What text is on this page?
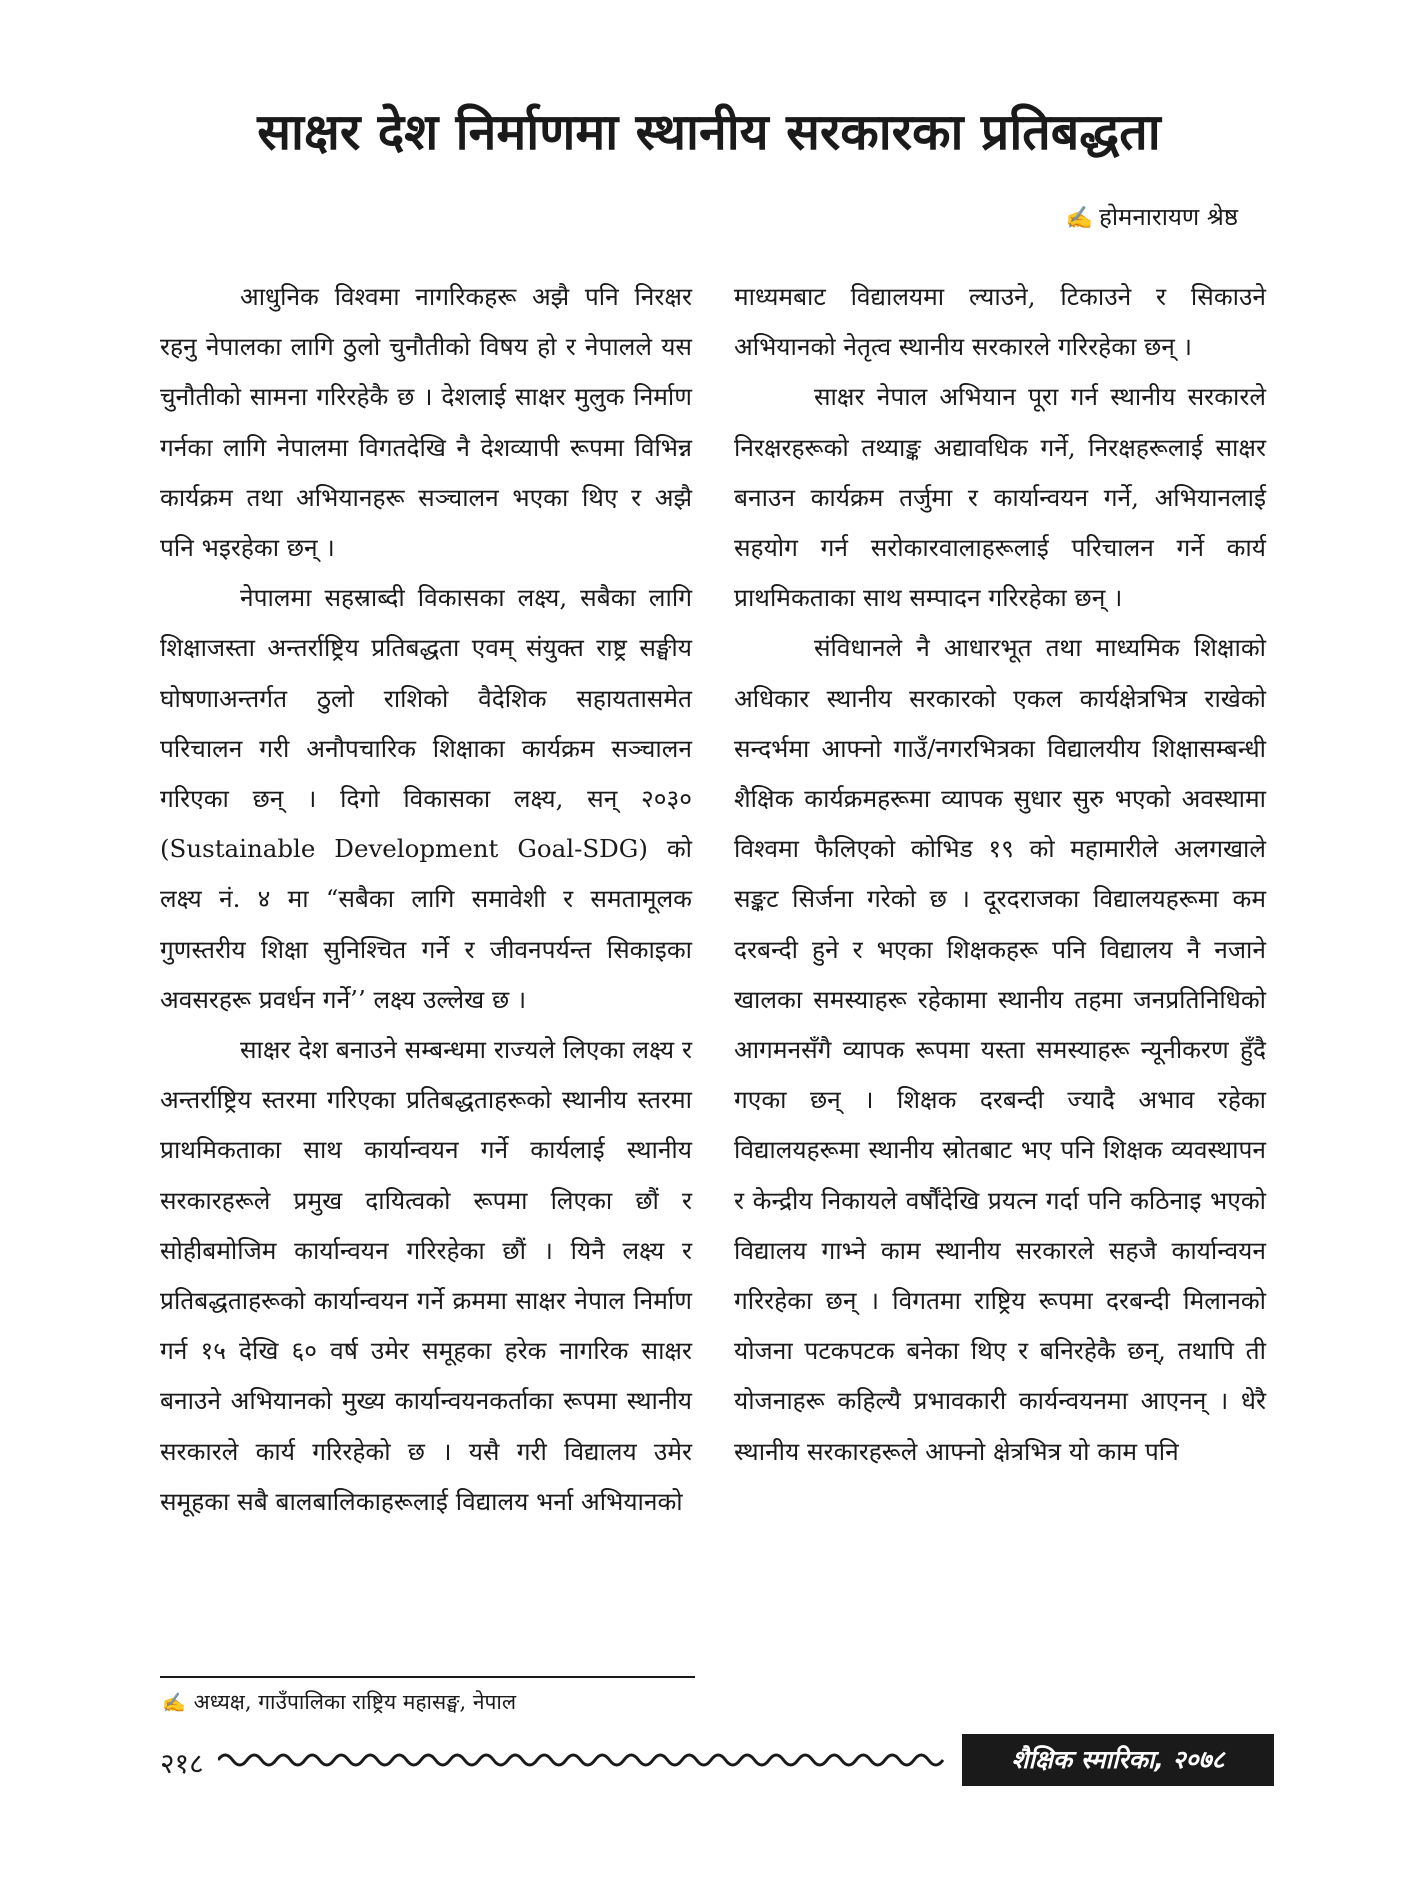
साक्षर देश निर्माणमा स्थानीय सरकारका प्रतिबद्धता
✍ होमनारायण श्रेष्ठ

आधुनिक विश्वमा नागरिकहरू अझै पनि निरक्षर रहनु नेपालका लागि ठुलो चुनौतीको विषय हो र नेपालले यस चुनौतीको सामना गरिरहेकै छ । देशलाई साक्षर मुलुक निर्माण गर्नका लागि नेपालमा विगतदेखि नै देशव्यापी रूपमा विभिन्न कार्यक्रम तथा अभियानहरू सञ्चालन भएका थिए र अझै पनि भइरहेका छन् ।

नेपालमा सहस्राब्दी विकासका लक्ष्य, सबैका लागि शिक्षाजस्ता अन्तर्राष्ट्रिय प्रतिबद्धता एवम् संयुक्त राष्ट्र सङ्घीय घोषणाअन्तर्गत ठुलो राशिको वैदेशिक सहायतासमेत परिचालन गरी अनौपचारिक शिक्षाका कार्यक्रम सञ्चालन गरिएका छन् । दिगो विकासका लक्ष्य, सन् २०३० (Sustainable Development Goal-SDG) को लक्ष्य नं. ४ मा “सबैका लागि समावेशी र समतामूलक गुणस्तरीय शिक्षा सुनिश्चित गर्ने र जीवनपर्यन्त सिकाइका अवसरहरू प्रवर्धन गर्ने’’ लक्ष्य उल्लेख छ ।

साक्षर देश बनाउने सम्बन्धमा राज्यले लिएका लक्ष्य र अन्तर्राष्ट्रिय स्तरमा गरिएका प्रतिबद्धताहरूको स्थानीय स्तरमा प्राथमिकताका साथ कार्यान्वयन गर्ने कार्यलाई स्थानीय सरकारहरूले प्रमुख दायित्वको रूपमा लिएका छौं र सोहीबमोजिम कार्यान्वयन गरिरहेका छौं । यिनै लक्ष्य र प्रतिबद्धताहरूको कार्यान्वयन गर्ने क्रममा साक्षर नेपाल निर्माण गर्न १५ देखि ६० वर्ष उमेर समूहका हरेक नागरिक साक्षर बनाउने अभियानको मुख्य कार्यान्वयनकर्ताका रूपमा स्थानीय सरकारले कार्य गरिरहेको छ । यसै गरी विद्यालय उमेर समूहका सबै बालबालिकाहरूलाई विद्यालय भर्ना अभियानको

माध्यमबाट विद्यालयमा ल्याउने, टिकाउने र सिकाउने अभियानको नेतृत्व स्थानीय सरकारले गरिरहेका छन् ।

साक्षर नेपाल अभियान पूरा गर्न स्थानीय सरकारले निरक्षरहरूको तथ्याङ्क अद्यावधिक गर्ने, निरक्षहरूलाई साक्षर बनाउन कार्यक्रम तर्जुमा र कार्यान्वयन गर्ने, अभियानलाई सहयोग गर्न सरोकारवालाहरूलाई परिचालन गर्ने कार्य प्राथमिकताका साथ सम्पादन गरिरहेका छन् ।

संविधानले नै आधारभूत तथा माध्यमिक शिक्षाको अधिकार स्थानीय सरकारको एकल कार्यक्षेत्रभित्र राखेको सन्दर्भमा आफ्नो गाउँ/नगरभित्रका विद्यालयीय शिक्षासम्बन्धी शैक्षिक कार्यक्रमहरूमा व्यापक सुधार सुरु भएको अवस्थामा विश्वमा फैलिएको कोभिड १९ को महामारीले अलगखाले सङ्कट सिर्जना गरेको छ । दूरदराजका विद्यालयहरूमा कम दरबन्दी हुने र भएका शिक्षकहरू पनि विद्यालय नै नजाने खालका समस्याहरू रहेकामा स्थानीय तहमा जनप्रतिनिधिको आगमनसँगै व्यापक रूपमा यस्ता समस्याहरू न्यूनीकरण हुँदै गएका छन् । शिक्षक दरबन्दी ज्यादै अभाव रहेका विद्यालयहरूमा स्थानीय स्रोतबाट भए पनि शिक्षक व्यवस्थापन र केन्द्रीय निकायले वर्षौंदेखि प्रयत्न गर्दा पनि कठिनाइ भएको विद्यालय गाभ्ने काम स्थानीय सरकारले सहजै कार्यान्वयन गरिरहेका छन् । विगतमा राष्ट्रिय रूपमा दरबन्दी मिलानको योजना पटकपटक बनेका थिए र बनिरहेकै छन्, तथापि ती योजनाहरू कहिल्यै प्रभावकारी कार्यन्वयनमा आएनन् । धेरै स्थानीय सरकारहरूले आफ्नो क्षेत्रभित्र यो काम पनि

✍ अध्यक्ष, गाउँपालिका राष्ट्रिय महासङ्घ, नेपाल
२१८	शैक्षिक स्मारिका, २०७८
